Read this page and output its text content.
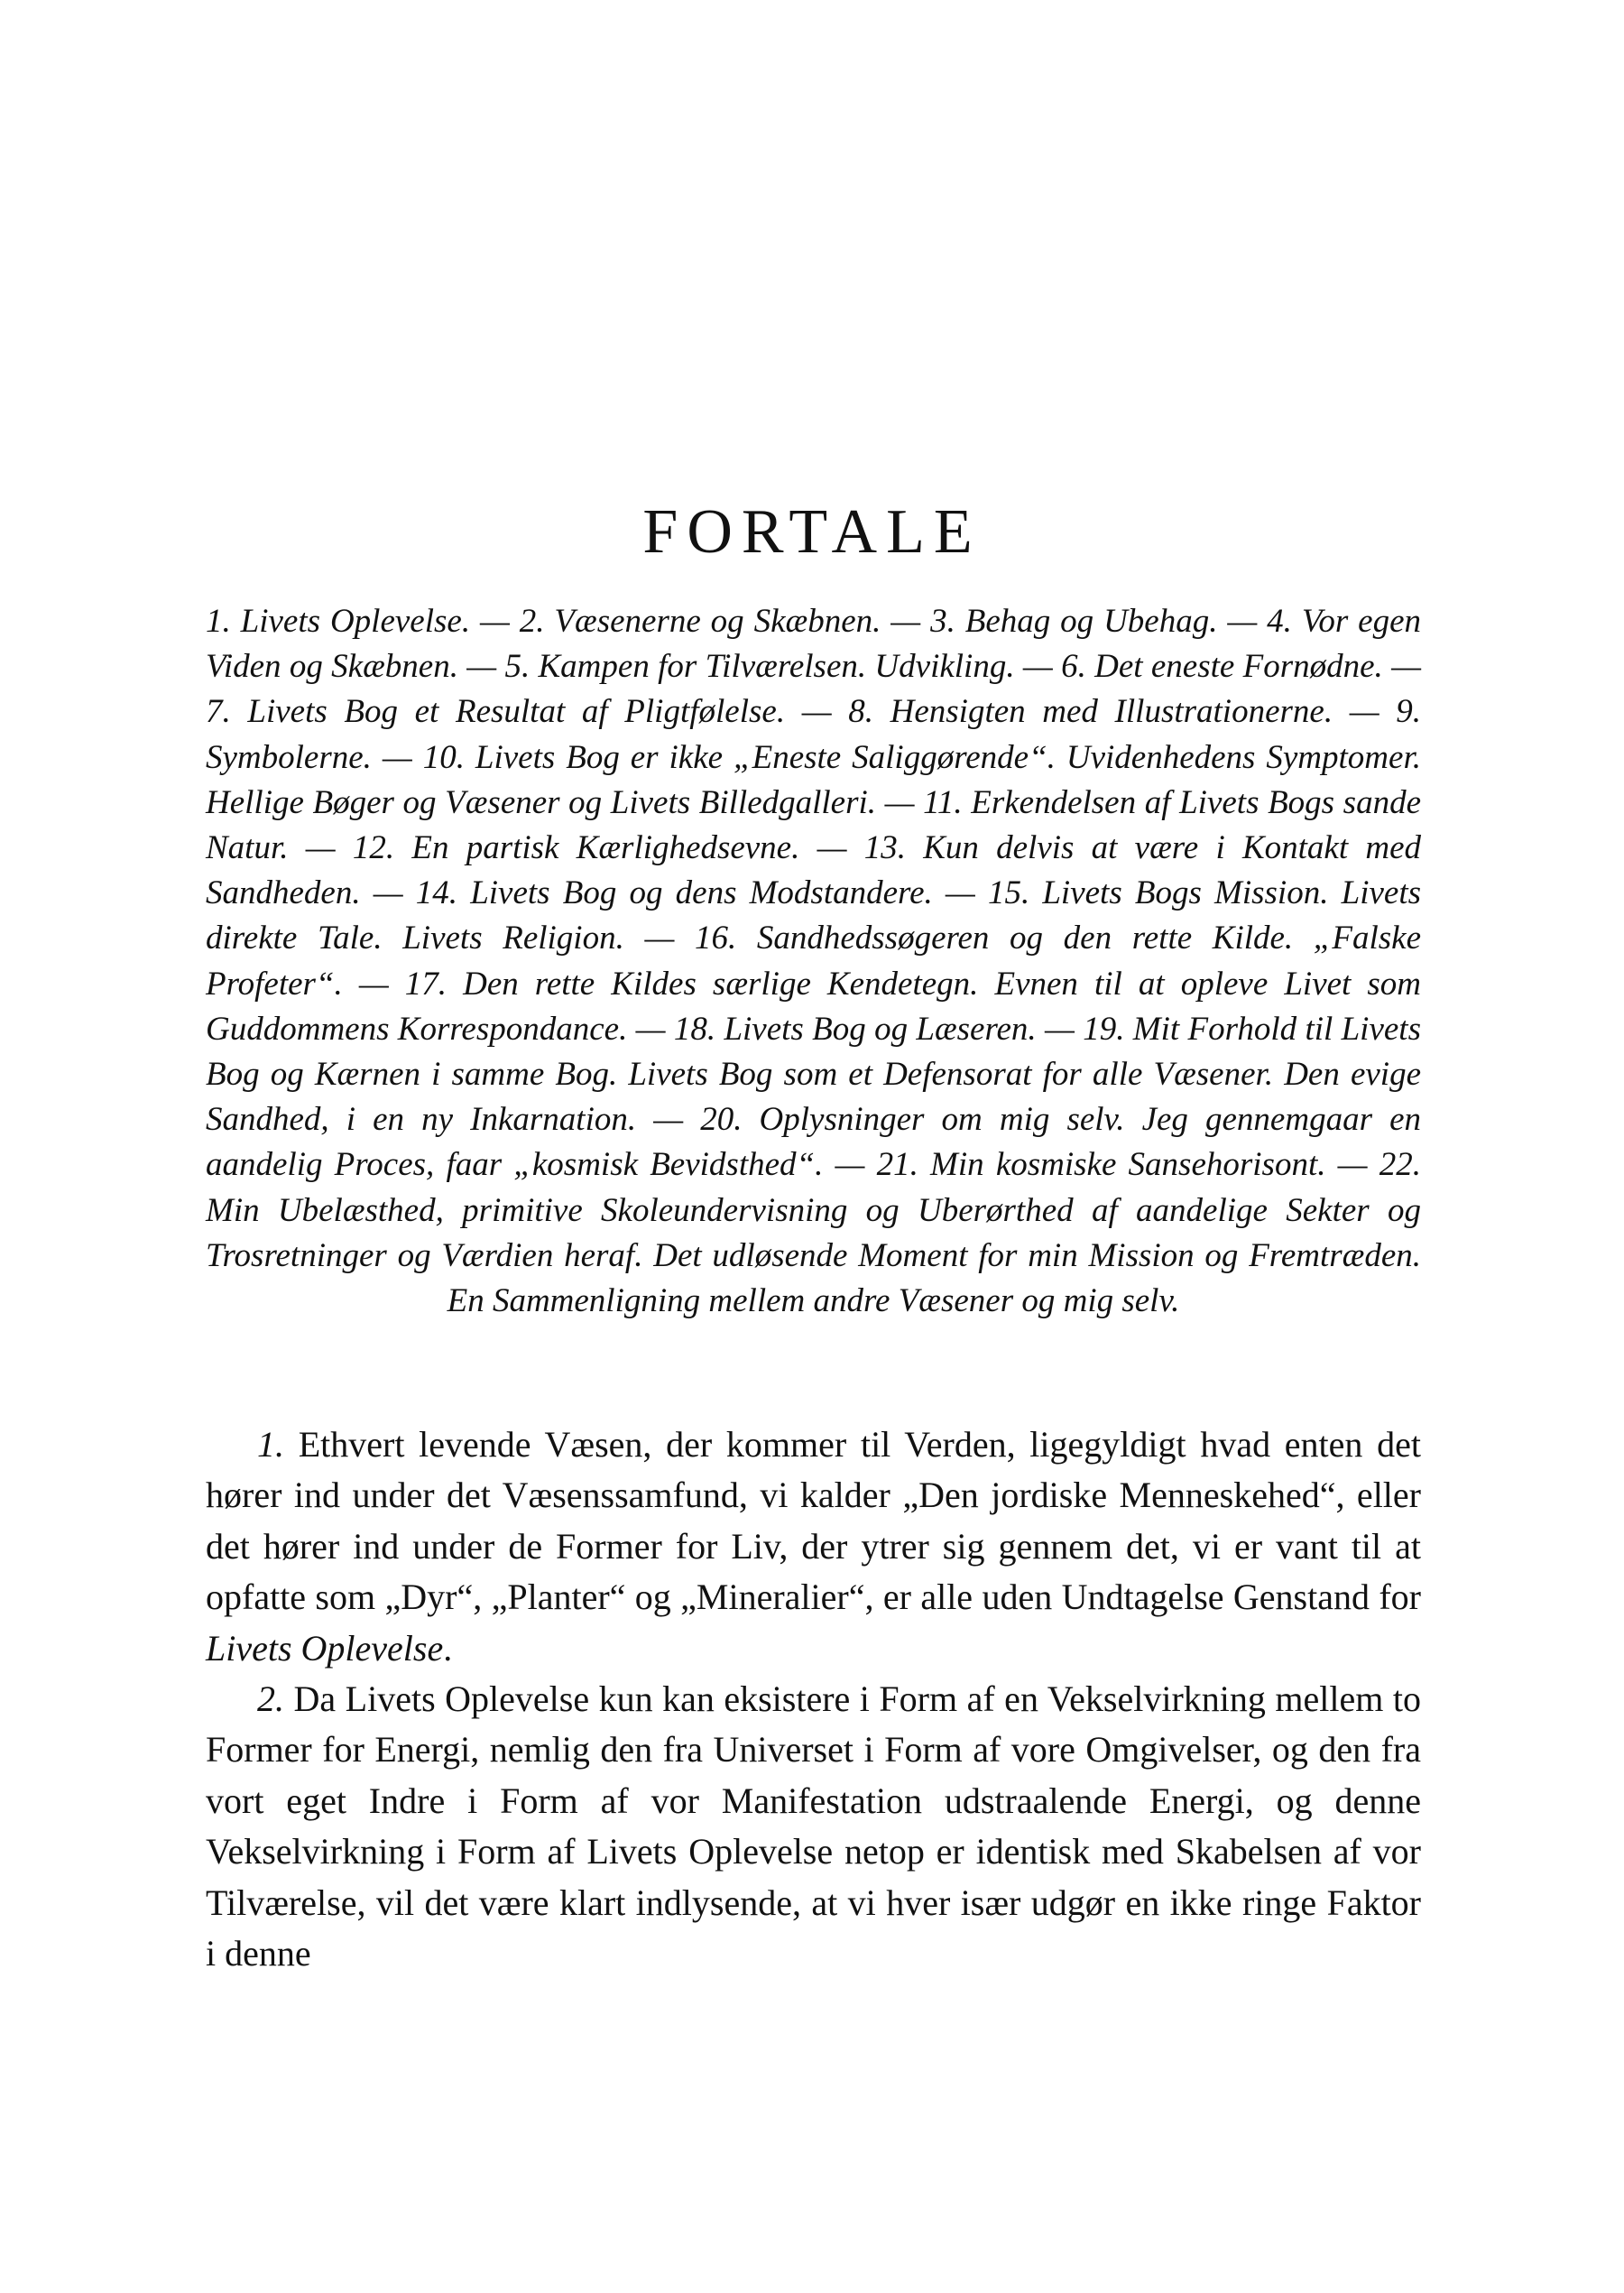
FORTALE

1. Livets Oplevelse. — 2. Væsenerne og Skæbnen. — 3. Behag og Ubehag. — 4. Vor egen Viden og Skæbnen. — 5. Kampen for Tilværelsen. Udvikling. — 6. Det eneste Fornødne. — 7. Livets Bog et Resultat af Pligtfølelse. — 8. Hensigten med Illustrationerne. — 9. Symbolerne. — 10. Livets Bog er ikke „Eneste Saliggørende“. Uvidenhedens Symptomer. Hellige Bøger og Væsener og Livets Billedgalleri. — 11. Erkendelsen af Livets Bogs sande Natur. — 12. En partisk Kærlighedsevne. — 13. Kun delvis at være i Kontakt med Sandheden. — 14. Livets Bog og dens Modstandere. — 15. Livets Bogs Mission. Livets direkte Tale. Livets Religion. — 16. Sandhedssøgeren og den rette Kilde. „Falske Profeter“. — 17. Den rette Kildes særlige Kendetegn. Evnen til at opleve Livet som Guddommens Korrespondance. — 18. Livets Bog og Læseren. — 19. Mit Forhold til Livets Bog og Kærnen i samme Bog. Livets Bog som et Defensorat for alle Væsener. Den evige Sandhed, i en ny Inkarnation. — 20. Oplysninger om mig selv. Jeg gennemgaar en aandelig Proces, faar „kosmisk Bevidsthed“. — 21. Min kosmiske Sansehorisont. — 22. Min Ubelæsthed, primitive Skoleundervisning og Uberørthed af aandelige Sekter og Trosretninger og Værdien heraf. Det udløsende Moment for min Mission og Fremtræden. En Sammenligning mellem andre Væsener og mig selv.

1. Ethvert levende Væsen, der kommer til Verden, ligegyldigt hvad enten det hører ind under det Væsenssamfund, vi kalder „Den jordiske Menneskehed“, eller det hører ind under de Former for Liv, der ytrer sig gennem det, vi er vant til at opfatte som „Dyr“, „Planter“ og „Mineralier“, er alle uden Undtagelse Genstand for Livets Oplevelse.

2. Da Livets Oplevelse kun kan eksistere i Form af en Vekselvirkning mellem to Former for Energi, nemlig den fra Universet i Form af vore Omgivelser, og den fra vort eget Indre i Form af vor Manifestation udstraalende Energi, og denne Vekselvirkning i Form af Livets Oplevelse netop er identisk med Skabelsen af vor Tilværelse, vil det være klart indlysende, at vi hver især udgør en ikke ringe Faktor i denne
